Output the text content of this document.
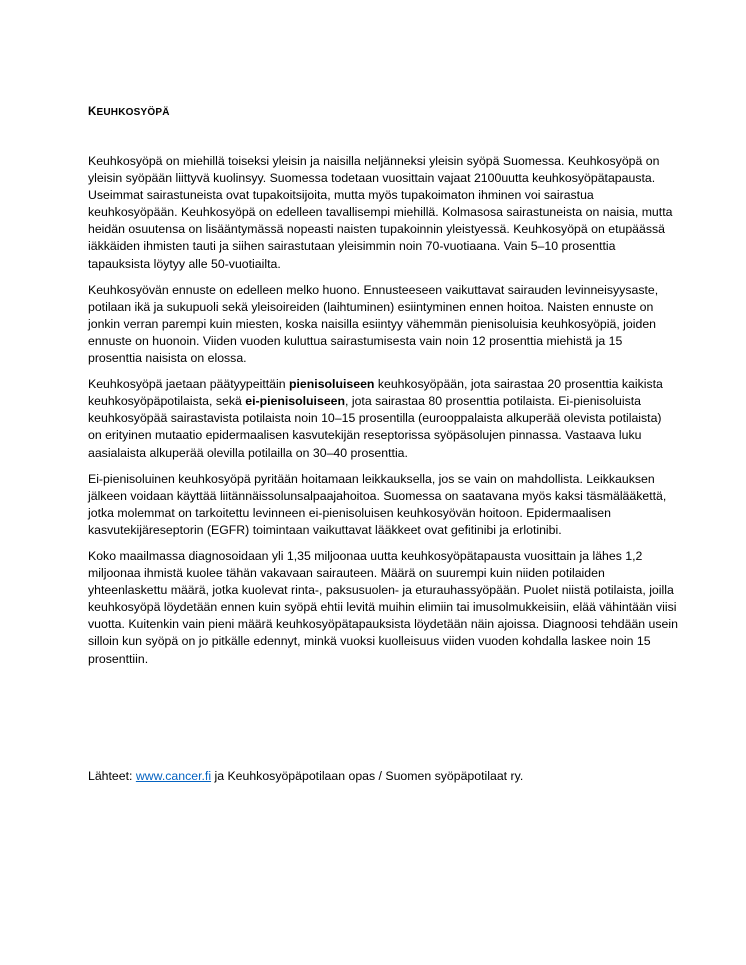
KEUHKOSYÖPÄ

Keuhkosyöpä on miehillä toiseksi yleisin ja naisilla neljänneksi yleisin syöpä Suomessa. Keuhkosyöpä on yleisin syöpään liittyvä kuolinsyy. Suomessa todetaan vuosittain vajaat 2100uutta keuhkosyöpätapausta. Useimmat sairastuneista ovat tupakoitsijoita, mutta myös tupakoimaton ihminen voi sairastua keuhkosyöpään. Keuhkosyöpä on edelleen tavallisempi miehillä. Kolmasosa sairastuneista on naisia, mutta heidän osuutensa on lisääntymässä nopeasti naisten tupakoinnin yleistyessä. Keuhkosyöpä on etupäässä iäkkäiden ihmisten tauti ja siihen sairastutaan yleisimmin noin 70-vuotiaana. Vain 5–10 prosenttia tapauksista löytyy alle 50-vuotiailta.

Keuhkosyövän ennuste on edelleen melko huono. Ennusteeseen vaikuttavat sairauden levinneisyysaste, potilaan ikä ja sukupuoli sekä yleisoireiden (laihtuminen) esiintyminen ennen hoitoa. Naisten ennuste on jonkin verran parempi kuin miesten, koska naisilla esiintyy vähemmän pienisoluisia keuhkosyöpiä, joiden ennuste on huonoin. Viiden vuoden kuluttua sairastumisesta vain noin 12 prosenttia miehistä ja 15 prosenttia naisista on elossa.

Keuhkosyöpä jaetaan päätyypeittäin pienisoluiseen keuhkosyöpään, jota sairastaa 20 prosenttia kaikista keuhkosyöpäpotilaista, sekä ei-pienisoluiseen, jota sairastaa 80 prosenttia potilaista. Ei-pienisoluista keuhkosyöpää sairastavista potilaista noin 10–15 prosentilla (eurooppalaista alkuperää olevista potilaista) on erityinen mutaatio epidermaalisen kasvutekijän reseptorissa syöpäsolujen pinnassa. Vastaava luku aasialaista alkuperää olevilla potilailla on 30–40 prosenttia.

Ei-pienisoluinen keuhkosyöpä pyritään hoitamaan leikkauksella, jos se vain on mahdollista. Leikkauksen jälkeen voidaan käyttää liitännäissolunsalpaajahoitoa. Suomessa on saatavana myös kaksi täsmälääkettä, jotka molemmat on tarkoitettu levinneen ei-pienisoluisen keuhkosyövän hoitoon. Epidermaalisen kasvutekijäreseptorin (EGFR) toimintaan vaikuttavat lääkkeet ovat gefitinibi ja erlotinibi.

Koko maailmassa diagnosoidaan yli 1,35 miljoonaa uutta keuhkosyöpätapausta vuosittain ja lähes 1,2 miljoonaa ihmistä kuolee tähän vakavaan sairauteen. Määrä on suurempi kuin niiden potilaiden yhteenlaskettu määrä, jotka kuolevat rinta-, paksusuolen- ja eturauhassyöpään. Puolet niistä potilaista, joilla keuhkosyöpä löydetään ennen kuin syöpä ehtii levitä muihin elimiin tai imusolmukkeisiin, elää vähintään viisi vuotta. Kuitenkin vain pieni määrä keuhkosyöpätapauksista löydetään näin ajoissa. Diagnoosi tehdään usein silloin kun syöpä on jo pitkälle edennyt, minkä vuoksi kuolleisuus viiden vuoden kohdalla laskee noin 15 prosenttiin.

Lähteet: www.cancer.fi ja Keuhkosyöpäpotilaan opas / Suomen syöpäpotilaat ry.
